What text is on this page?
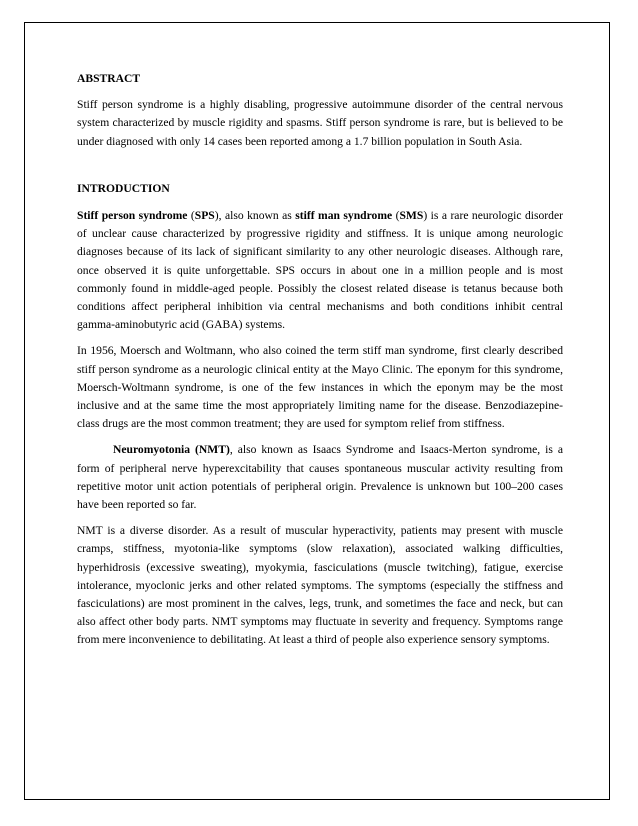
ABSTRACT

Stiff person syndrome is a highly disabling, progressive autoimmune disorder of the central nervous system characterized by muscle rigidity and spasms. Stiff person syndrome is rare, but is believed to be under diagnosed with only 14 cases been reported among a 1.7 billion population in South Asia.

INTRODUCTION

Stiff person syndrome (SPS), also known as stiff man syndrome (SMS) is a rare neurologic disorder of unclear cause characterized by progressive rigidity and stiffness. It is unique among neurologic diagnoses because of its lack of significant similarity to any other neurologic diseases. Although rare, once observed it is quite unforgettable. SPS occurs in about one in a million people and is most commonly found in middle-aged people. Possibly the closest related disease is tetanus because both conditions affect peripheral inhibition via central mechanisms and both conditions inhibit central gamma-aminobutyric acid (GABA) systems.

In 1956, Moersch and Woltmann, who also coined the term stiff man syndrome, first clearly described stiff person syndrome as a neurologic clinical entity at the Mayo Clinic. The eponym for this syndrome, Moersch-Woltmann syndrome, is one of the few instances in which the eponym may be the most inclusive and at the same time the most appropriately limiting name for the disease. Benzodiazepine-class drugs are the most common treatment; they are used for symptom relief from stiffness.

Neuromyotonia (NMT), also known as Isaacs Syndrome and Isaacs-Merton syndrome, is a form of peripheral nerve hyperexcitability that causes spontaneous muscular activity resulting from repetitive motor unit action potentials of peripheral origin. Prevalence is unknown but 100–200 cases have been reported so far.

NMT is a diverse disorder. As a result of muscular hyperactivity, patients may present with muscle cramps, stiffness, myotonia-like symptoms (slow relaxation), associated walking difficulties, hyperhidrosis (excessive sweating), myokymia, fasciculations (muscle twitching), fatigue, exercise intolerance, myoclonic jerks and other related symptoms. The symptoms (especially the stiffness and fasciculations) are most prominent in the calves, legs, trunk, and sometimes the face and neck, but can also affect other body parts. NMT symptoms may fluctuate in severity and frequency. Symptoms range from mere inconvenience to debilitating. At least a third of people also experience sensory symptoms.
